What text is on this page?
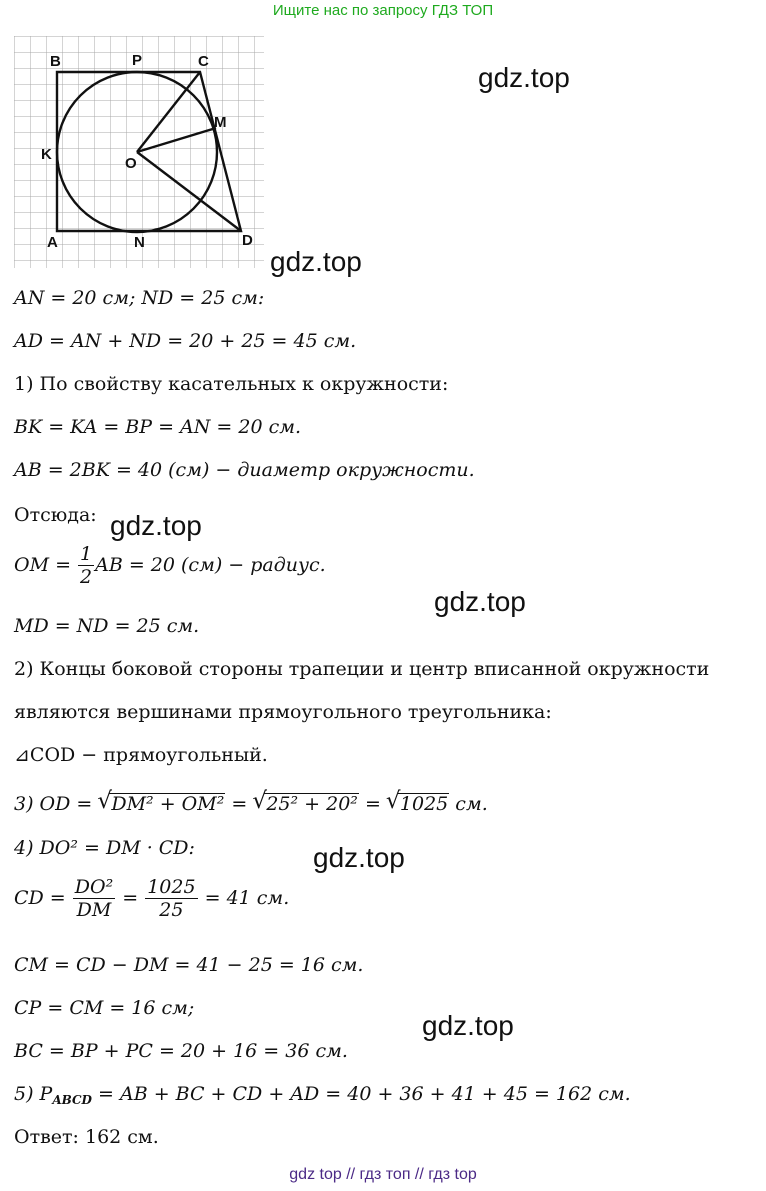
Ищите нас по запросу ГДЗ ТОП
B	P	C
M
K
O
A	N	D
gdz.top
gdz.top
gdz.top
gdz.top
gdz.top
gdz.top
AN = 20 см; ND = 25 см:
AD = AN + ND = 20 + 25 = 45 см.
1) По свойству касательных к окружности:
BK = KA = BP = AN = 20 см.
AB = 2BK = 40 (см) − диаметр окружности.
Отсюда:
OM = $\frac{1}{2}$ AB = 20 (см) − радиус.
MD = ND = 25 см.
2) Концы боковой стороны трапеции и центр вписанной окружности
являются вершинами прямоугольного треугольника:
⊿COD − прямоугольный.
3) OD = √ DM² + OM² = √ 25² + 20² = √ 1025 см.
4) DO² = DM · CD:
CD = $\frac{\text{DO²}}{DM} = \frac{1025}{25} = 41$ см.
CM = CD − DM = 41 − 25 = 16 см.
CP = CM = 16 см;
BC = BP + PC = 20 + 16 = 36 см.
5) $P_{ABCD}$ = AB + BC + CD + AD = 40 + 36 + 41 + 45 = 162 см.
Ответ: 162 см.
gdz top // гдз топ // гдз top
